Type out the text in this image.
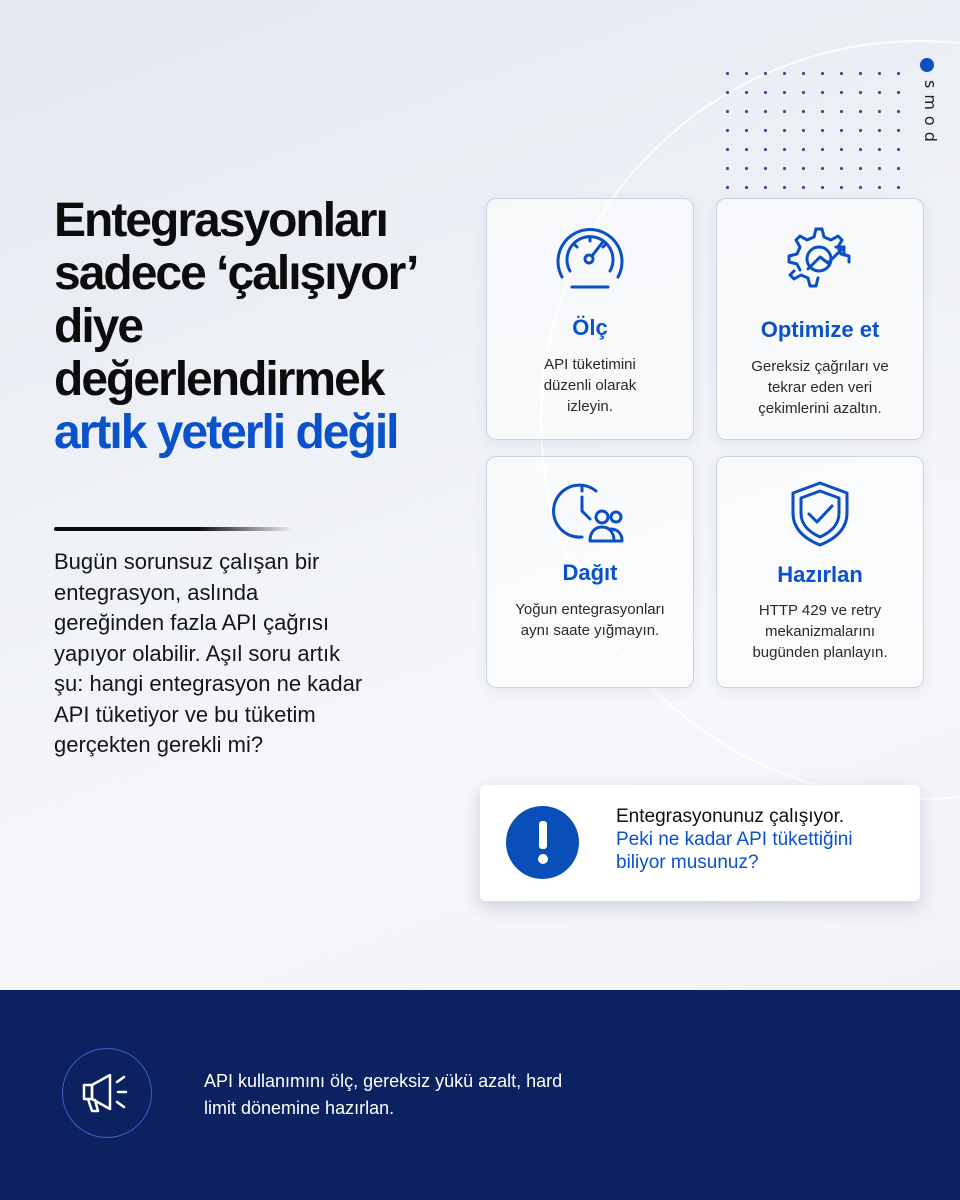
smod
Entegrasyonları
sadece ‘çalışıyor’
diye
değerlendirmek
artık yeterli değil

Bugün sorunsuz çalışan bir entegrasyon, aslında gereğinden fazla API çağrısı yapıyor olabilir. Aşıl soru artık şu: hangi entegrasyon ne kadar API tüketiyor ve bu tüketim gerçekten gerekli mi?

Ölç
API tüketimini düzenli olarak izleyin.
Optimize et
Gereksiz çağrıları ve tekrar eden veri çekimlerini azaltın.
Dağıt
Yoğun entegrasyonları aynı saate yığmayın.
Hazırlan
HTTP 429 ve retry mekanizmalarını bugünden planlayın.
Entegrasyonunuz çalışıyor.
Peki ne kadar API tükettiğini biliyor musunuz?

API kullanımını ölç, gereksiz yükü azalt, hard limit dönemine hazırlan.
